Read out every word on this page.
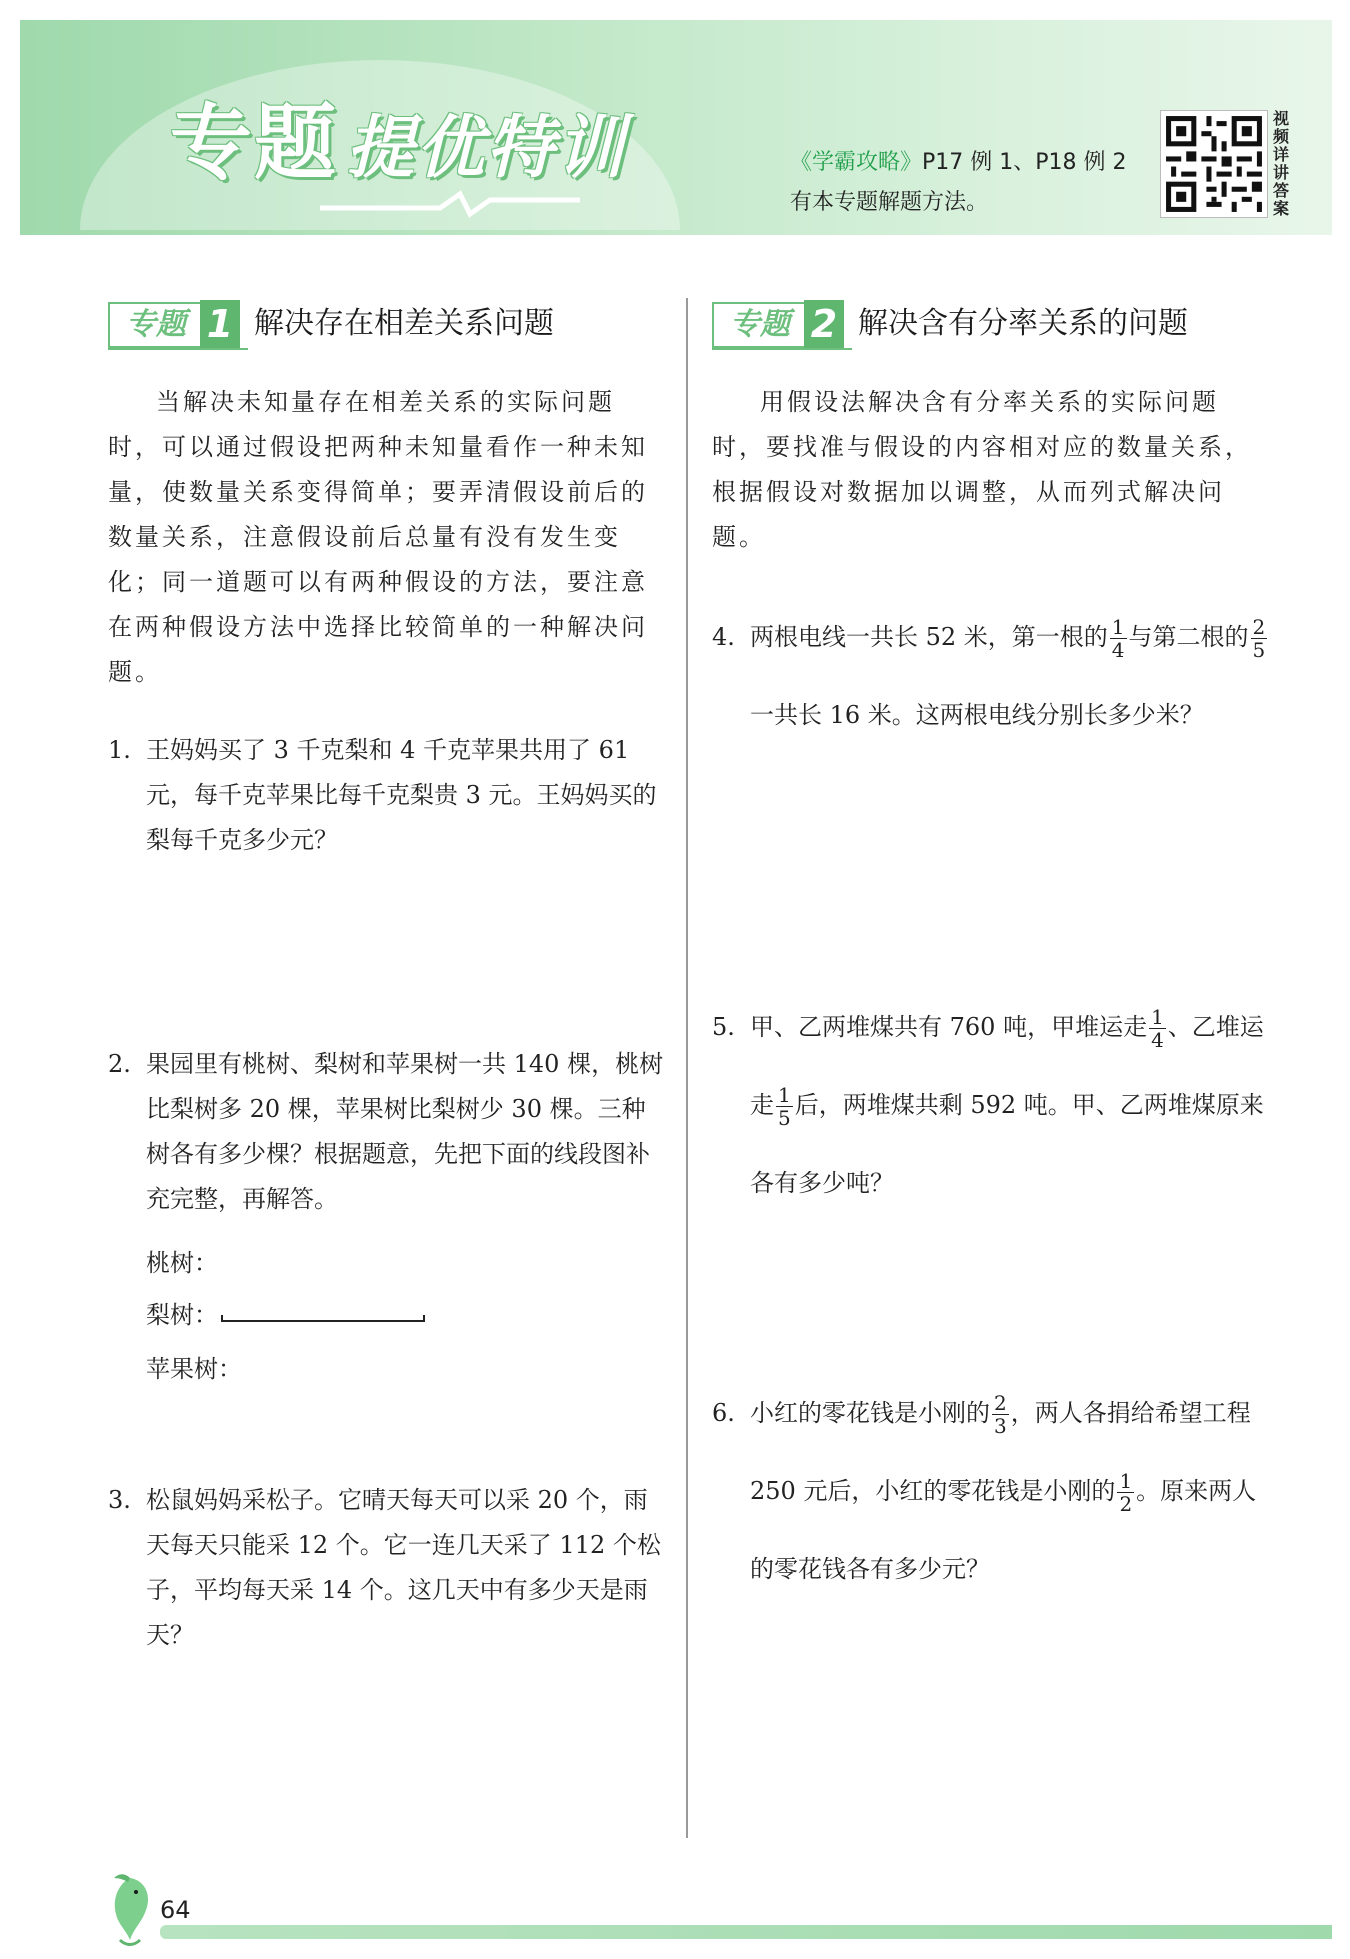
专题 提优特训	《学霸攻略》P17 例 1、P18 例 2
有本专题解题方法。
视频详讲答案
专题 1 解决存在相差关系问题

当解决未知量存在相差关系的实际问题时，可以通过假设把两种未知量看作一种未知量，使数量关系变得简单；要弄清假设前后的数量关系，注意假设前后总量有没有发生变化；同一道题可以有两种假设的方法，要注意在两种假设方法中选择比较简单的一种解决问题。

1. 王妈妈买了 3 千克梨和 4 千克苹果共用了 61 元，每千克苹果比每千克梨贵 3 元。王妈妈买的梨每千克多少元？
2. 果园里有桃树、梨树和苹果树一共 140 棵，桃树比梨树多 20 棵，苹果树比梨树少 30 棵。三种树各有多少棵？根据题意，先把下面的线段图补充完整，再解答。
桃树：
梨树：
苹果树：
3. 松鼠妈妈采松子。它晴天每天可以采 20 个，雨天每天只能采 12 个。它一连几天采了 112 个松子，平均每天采 14 个。这几天中有多少天是雨天？
专题 2 解决含有分率关系的问题

用假设法解决含有分率关系的实际问题时，要找准与假设的内容相对应的数量关系，根据假设对数据加以调整，从而列式解决问题。

4. 两根电线一共长 52 米，第一根的 $\frac{1}{4}$ 与第二根的 $\frac{2}{5}$
一共长 16 米。这两根电线分别长多少米？
5. 甲、乙两堆煤共有 760 吨，甲堆运走 $\frac{1}{4}$ 、乙堆运走 $\frac{1}{5}$ 后，两堆煤共剩 592 吨。甲、乙两堆煤原来各有多少吨？
6. 小红的零花钱是小刚的 $\frac{2}{3}$ ，两人各捐给希望工程 250 元后，小红的零花钱是小刚的 $\frac{1}{2}$ 。原来两人的零花钱各有多少元？
64
